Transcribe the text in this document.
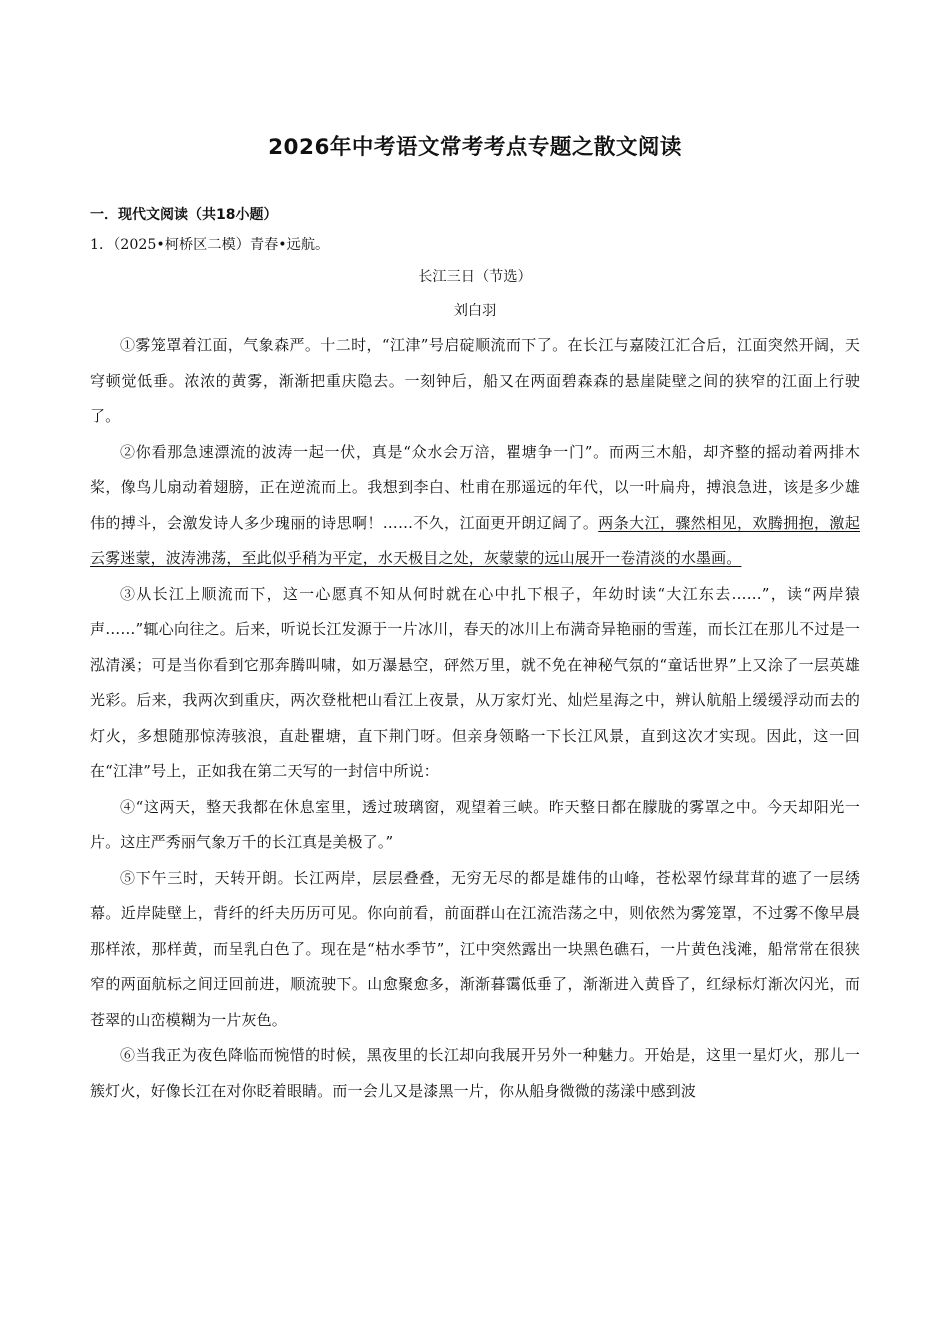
2026年中考语文常考考点专题之散文阅读

一．现代文阅读（共18小题）

1．（2025•柯桥区二模）青春•远航。

长江三日（节选）

刘白羽

①雾笼罩着江面，气象森严。十二时，“江津”号启碇顺流而下了。在长江与嘉陵江汇合后，江面突然开阔，天穹顿觉低垂。浓浓的黄雾，渐渐把重庆隐去。一刻钟后，船又在两面碧森森的悬崖陡壁之间的狭窄的江面上行驶了。

②你看那急速漂流的波涛一起一伏，真是“众水会万涪，瞿塘争一门”。而两三木船，却齐整的摇动着两排木桨，像鸟儿扇动着翅膀，正在逆流而上。我想到李白、杜甫在那遥远的年代，以一叶扁舟，搏浪急进，该是多少雄伟的搏斗，会激发诗人多少瑰丽的诗思啊！……不久，江面更开朗辽阔了。两条大江，骤然相见，欢腾拥抱，激起云雾迷蒙，波涛沸荡，至此似乎稍为平定，水天极目之处，灰蒙蒙的远山展开一卷清淡的水墨画。

③从长江上顺流而下，这一心愿真不知从何时就在心中扎下根子，年幼时读“大江东去……”，读“两岸猿声……”辄心向往之。后来，听说长江发源于一片冰川，春天的冰川上布满奇异艳丽的雪莲，而长江在那儿不过是一泓清溪；可是当你看到它那奔腾叫啸，如万瀑悬空，砰然万里，就不免在神秘气氛的“童话世界”上又涂了一层英雄光彩。后来，我两次到重庆，两次登枇杷山看江上夜景，从万家灯光、灿烂星海之中，辨认航船上缓缓浮动而去的灯火，多想随那惊涛骇浪，直赴瞿塘，直下荆门呀。但亲身领略一下长江风景，直到这次才实现。因此，这一回在“江津”号上，正如我在第二天写的一封信中所说：

④“这两天，整天我都在休息室里，透过玻璃窗，观望着三峡。昨天整日都在朦胧的雾罩之中。今天却阳光一片。这庄严秀丽气象万千的长江真是美极了。”

⑤下午三时，天转开朗。长江两岸，层层叠叠，无穷无尽的都是雄伟的山峰，苍松翠竹绿茸茸的遮了一层绣幕。近岸陡壁上，背纤的纤夫历历可见。你向前看，前面群山在江流浩荡之中，则依然为雾笼罩，不过雾不像早晨那样浓，那样黄，而呈乳白色了。现在是“枯水季节”，江中突然露出一块黑色礁石，一片黄色浅滩，船常常在很狭窄的两面航标之间迂回前进，顺流驶下。山愈聚愈多，渐渐暮霭低垂了，渐渐进入黄昏了，红绿标灯渐次闪光，而苍翠的山峦模糊为一片灰色。

⑥当我正为夜色降临而惋惜的时候，黑夜里的长江却向我展开另外一种魅力。开始是，这里一星灯火，那儿一簇灯火，好像长江在对你眨着眼睛。而一会儿又是漆黑一片，你从船身微微的荡漾中感到波
